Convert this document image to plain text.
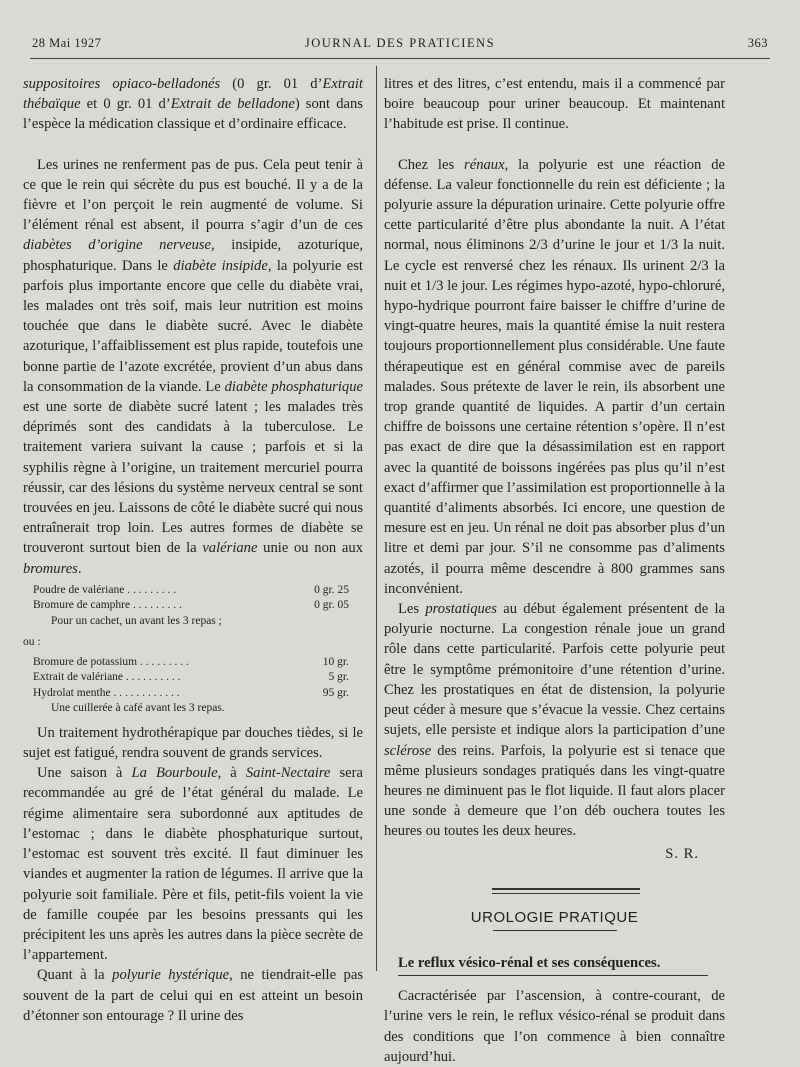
28 Mai 1927	JOURNAL DES PRATICIENS	363

suppositoires opiaco-belladonés (0 gr. 01 d’Extrait thébaïque et 0 gr. 01 d’Extrait de belladone) sont dans l’espèce la médication classique et d’ordinaire efficace.

Les urines ne renferment pas de pus. Cela peut tenir à ce que le rein qui sécrète du pus est bouché. Il y a de la fièvre et l’on perçoit le rein augmenté de volume. Si l’élément rénal est absent, il pourra s’agir d’un de ces diabètes d’origine nerveuse, insipide, azoturique, phosphaturique. Dans le diabète insipide, la polyurie est parfois plus importante encore que celle du diabète vrai, les malades ont très soif, mais leur nutrition est moins touchée que dans le diabète sucré. Avec le diabète azoturique, l’affaiblissement est plus rapide, toutefois une bonne partie de l’azote excrétée, provient d’un abus dans la consommation de la viande. Le diabète phosphaturique est une sorte de diabète sucré latent ; les malades très déprimés sont des candidats à la tuberculose. Le traitement variera suivant la cause ; parfois et si la syphilis règne à l’origine, un traitement mercuriel pourra réussir, car des lésions du système nerveux central se sont trouvées en jeu. Laissons de côté le diabète sucré qui nous entraînerait trop loin. Les autres formes de diabète se trouveront surtout bien de la valériane unie ou non aux bromures.

Poudre de valériane . . . . . . . . .	0 gr. 25
Bromure de camphre . . . . . . . . .	0 gr. 05
Pour un cachet, un avant les 3 repas ;
ou :
Bromure de potassium . . . . . . . . .	10 gr.
Extrait de valériane . . . . . . . . . .	5 gr.
Hydrolat menthe . . . . . . . . . . . .	95 gr.
Une cuillerée à café avant les 3 repas.

Un traitement hydrothérapique par douches tièdes, si le sujet est fatigué, rendra souvent de grands services.

Une saison à La Bourboule, à Saint-Nectaire sera recommandée au gré de l’état général du malade. Le régime alimentaire sera subordonné aux aptitudes de l’estomac ; dans le diabète phosphaturique surtout, l’estomac est souvent très excité. Il faut diminuer les viandes et augmenter la ration de légumes. Il arrive que la polyurie soit familiale. Père et fils, petit-fils voient la vie de famille coupée par les besoins pressants qui les précipitent les uns après les autres dans la pièce secrète de l’appartement.

Quant à la polyurie hystérique, ne tiendrait-elle pas souvent de la part de celui qui en est atteint un besoin d’étonner son entourage ? Il urine des

litres et des litres, c’est entendu, mais il a commencé par boire beaucoup pour uriner beaucoup. Et maintenant l’habitude est prise. Il continue.

Chez les rénaux, la polyurie est une réaction de défense. La valeur fonctionnelle du rein est déficiente ; la polyurie assure la dépuration urinaire. Cette polyurie offre cette particularité d’être plus abondante la nuit. A l’état normal, nous éliminons 2/3 d’urine le jour et 1/3 la nuit. Le cycle est renversé chez les rénaux. Ils urinent 2/3 la nuit et 1/3 le jour. Les régimes hypo-azoté, hypo-chloruré, hypo-hydrique pourront faire baisser le chiffre d’urine de vingt-quatre heures, mais la quantité émise la nuit restera toujours proportionnellement plus considérable. Une faute thérapeutique est en général commise avec de pareils malades. Sous prétexte de laver le rein, ils absorbent une trop grande quantité de liquides. A partir d’un certain chiffre de boissons une certaine rétention s’opère. Il n’est pas exact de dire que la désassimilation est en rapport avec la quantité de boissons ingérées pas plus qu’il n’est exact d’affirmer que l’assimilation est proportionnelle à la quantité d’aliments absorbés. Ici encore, une question de mesure est en jeu. Un rénal ne doit pas absorber plus d’un litre et demi par jour. S’il ne consomme pas d’aliments azotés, il pourra même descendre à 800 grammes sans inconvénient.

Les prostatiques au début également présentent de la polyurie nocturne. La congestion rénale joue un grand rôle dans cette particularité. Parfois cette polyurie peut être le symptôme prémonitoire d’une rétention d’urine. Chez les prostatiques en état de distension, la polyurie peut céder à mesure que s’évacue la vessie. Chez certains sujets, elle persiste et indique alors la participation d’une sclérose des reins. Parfois, la polyurie est si tenace que même plusieurs sondages pratiqués dans les vingt-quatre heures ne diminuent pas le flot liquide. Il faut alors placer une sonde à demeure que l’on déb ouchera toutes les heures ou toutes les deux heures.

S. R.
UROLOGIE PRATIQUE
Le reflux vésico-rénal et ses conséquences.

Cacractérisée par l’ascension, à contre-courant, de l’urine vers le rein, le reflux vésico-rénal se produit dans des conditions que l’on commence à bien connaître aujourd’hui.
